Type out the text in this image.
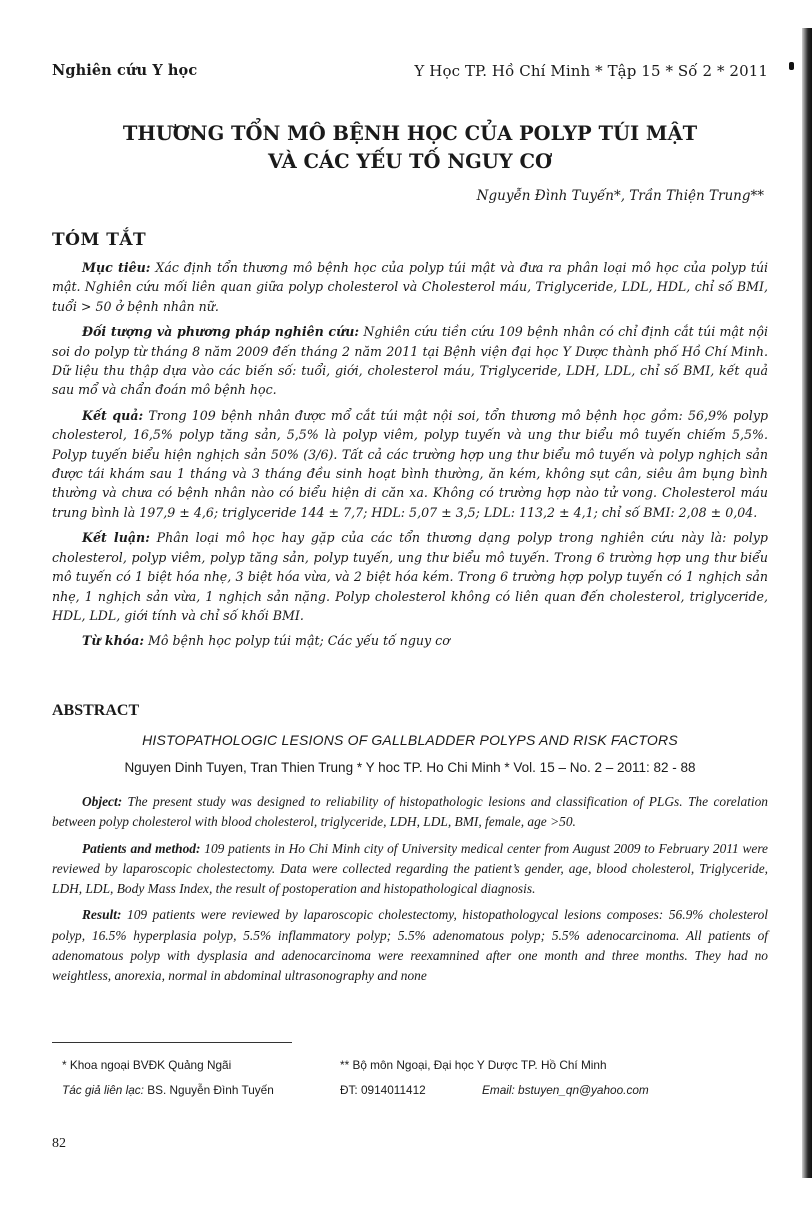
Nghiên cứu Y học	Y Học TP. Hồ Chí Minh * Tập 15 * Số 2 * 2011
THƯƠNG TỔN MÔ BỆNH HỌC CỦA POLYP TÚI MẬT
VÀ CÁC YẾU TỐ NGUY CƠ
Nguyễn Đình Tuyến*, Trần Thiện Trung**
TÓM TẮT

Mục tiêu: Xác định tổn thương mô bệnh học của polyp túi mật và đưa ra phân loại mô học của polyp túi mật. Nghiên cứu mối liên quan giữa polyp cholesterol và Cholesterol máu, Triglyceride, LDL, HDL, chỉ số BMI, tuổi > 50 ở bệnh nhân nữ.

Đối tượng và phương pháp nghiên cứu: Nghiên cứu tiền cứu 109 bệnh nhân có chỉ định cắt túi mật nội soi do polyp từ tháng 8 năm 2009 đến tháng 2 năm 2011 tại Bệnh viện đại học Y Dược thành phố Hồ Chí Minh. Dữ liệu thu thập dựa vào các biến số: tuổi, giới, cholesterol máu, Triglyceride, LDH, LDL, chỉ số BMI, kết quả sau mổ và chẩn đoán mô bệnh học.

Kết quả: Trong 109 bệnh nhân được mổ cắt túi mật nội soi, tổn thương mô bệnh học gồm: 56,9% polyp cholesterol, 16,5% polyp tăng sản, 5,5% là polyp viêm, polyp tuyến và ung thư biểu mô tuyến chiếm 5,5%. Polyp tuyến biểu hiện nghịch sản 50% (3/6). Tất cả các trường hợp ung thư biểu mô tuyến và polyp nghịch sản được tái khám sau 1 tháng và 3 tháng đều sinh hoạt bình thường, ăn kém, không sụt cân, siêu âm bụng bình thường và chưa có bệnh nhân nào có biểu hiện di căn xa. Không có trường hợp nào tử vong. Cholesterol máu trung bình là 197,9 ± 4,6; triglyceride 144 ± 7,7; HDL: 5,07 ± 3,5; LDL: 113,2 ± 4,1; chỉ số BMI: 2,08 ± 0,04.

Kết luận: Phân loại mô học hay gặp của các tổn thương dạng polyp trong nghiên cứu này là: polyp cholesterol, polyp viêm, polyp tăng sản, polyp tuyến, ung thư biểu mô tuyến. Trong 6 trường hợp ung thư biểu mô tuyến có 1 biệt hóa nhẹ, 3 biệt hóa vừa, và 2 biệt hóa kém. Trong 6 trường hợp polyp tuyến có 1 nghịch sản nhẹ, 1 nghịch sản vừa, 1 nghịch sản nặng. Polyp cholesterol không có liên quan đến cholesterol, triglyceride, HDL, LDL, giới tính và chỉ số khối BMI.

Từ khóa: Mô bệnh học polyp túi mật; Các yếu tố nguy cơ

ABSTRACT
HISTOPATHOLOGIC LESIONS OF GALLBLADDER POLYPS AND RISK FACTORS
Nguyen Dinh Tuyen, Tran Thien Trung * Y hoc TP. Ho Chi Minh * Vol. 15 – No. 2 – 2011: 82 - 88

Object: The present study was designed to reliability of histopathologic lesions and classification of PLGs. The corelation between polyp cholesterol with blood cholesterol, triglyceride, LDH, LDL, BMI, female, age >50.

Patients and method: 109 patients in Ho Chi Minh city of University medical center from August 2009 to February 2011 were reviewed by laparoscopic cholestectomy. Data were collected regarding the patient’s gender, age, blood cholesterol, Triglyceride, LDH, LDL, Body Mass Index, the result of postoperation and histopathological diagnosis.

Result: 109 patients were reviewed by laparoscopic cholestectomy, histopathologycal lesions composes: 56.9% cholesterol polyp, 16.5% hyperplasia polyp, 5.5% inflammatory polyp; 5.5% adenomatous polyp; 5.5% adenocarcinoma. All patients of adenomatous polyp with dysplasia and adenocarcinoma were reexamnined after one month and three months. They had no weightless, anorexia, normal in abdominal ultrasonography and none

* Khoa ngoại BVĐK Quảng Ngãi	** Bộ môn Ngoại, Đại học Y Dược TP. Hồ Chí Minh
Tác giả liên lạc: BS. Nguyễn Đình Tuyến	ĐT: 0914011412	Email: bstuyen_qn@yahoo.com
82
